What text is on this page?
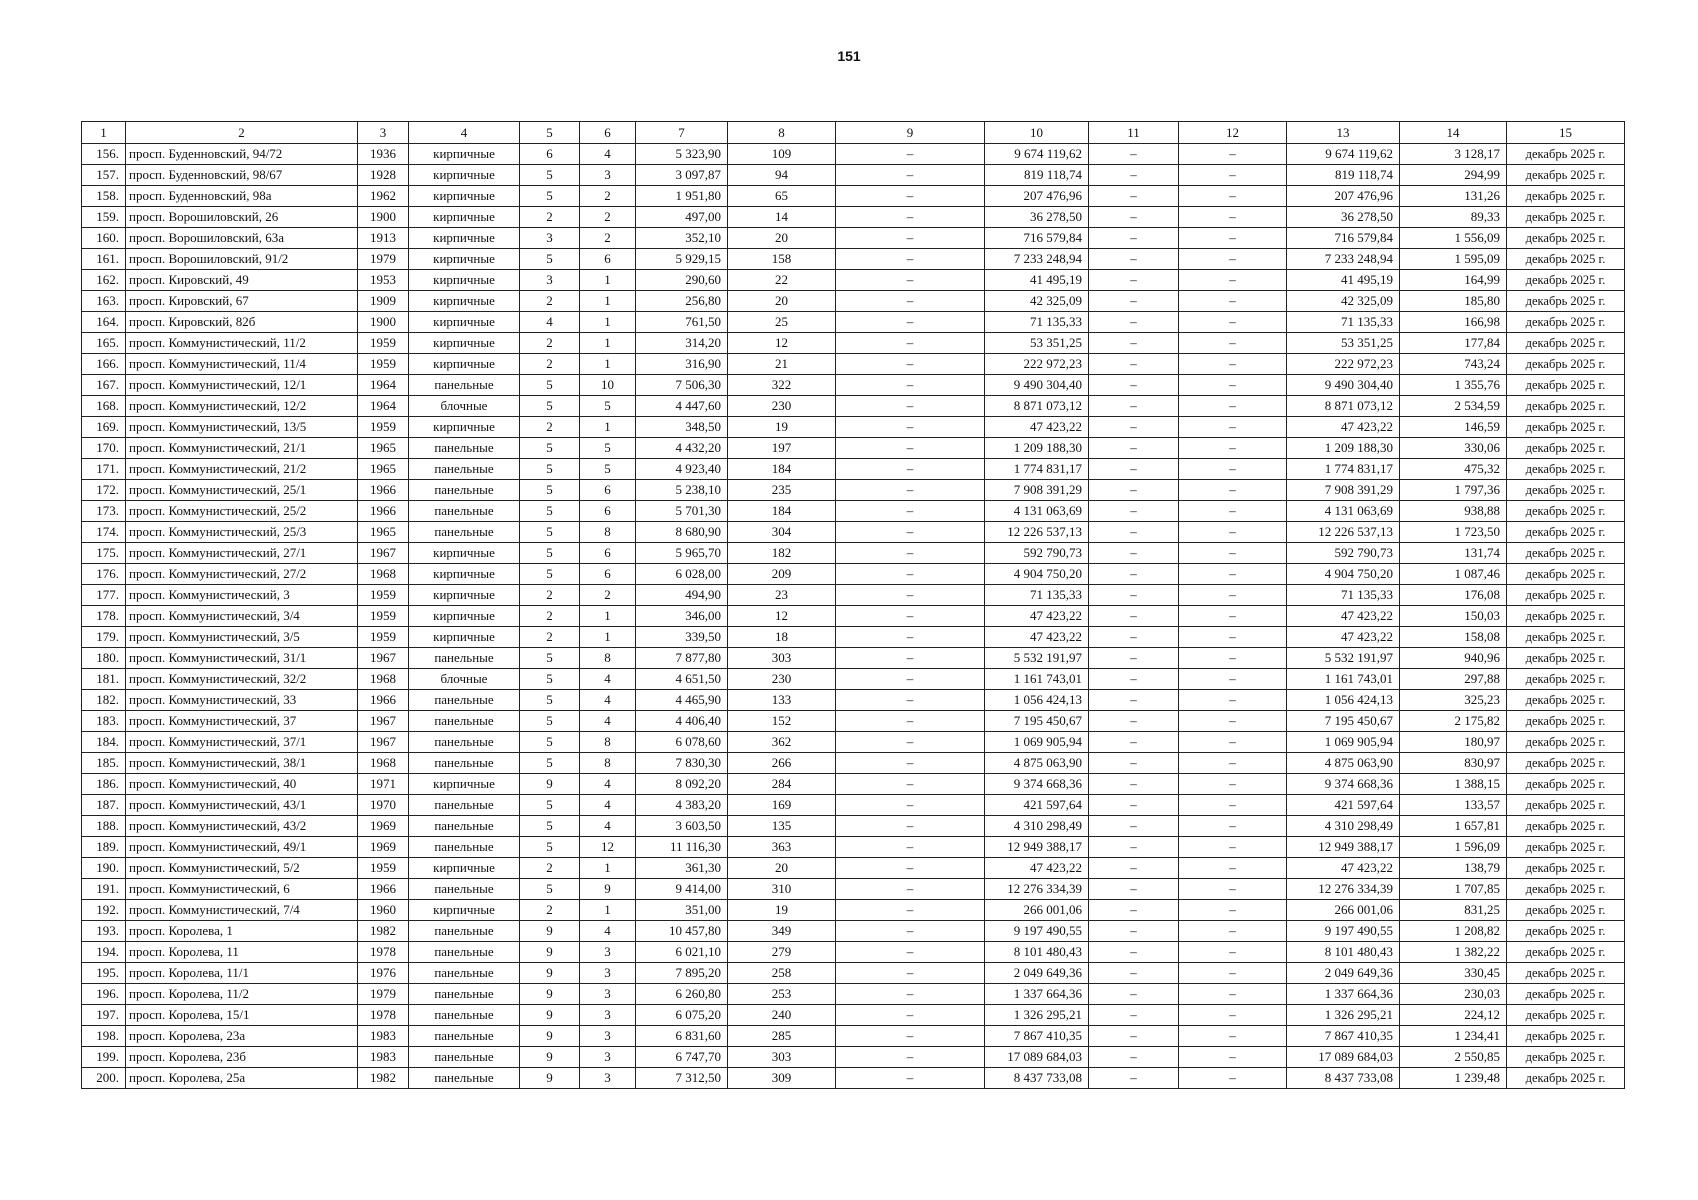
151
1	2	3	4	5	6	7	8	9	10	11	12	13	14	15
156.	просп. Буденновский, 94/72	1936	кирпичные	6	4	5 323,90	109	–	9 674 119,62	–	–	9 674 119,62	3 128,17	декабрь 2025 г.
157.	просп. Буденновский, 98/67	1928	кирпичные	5	3	3 097,87	94	–	819 118,74	–	–	819 118,74	294,99	декабрь 2025 г.
158.	просп. Буденновский, 98а	1962	кирпичные	5	2	1 951,80	65	–	207 476,96	–	–	207 476,96	131,26	декабрь 2025 г.
159.	просп. Ворошиловский, 26	1900	кирпичные	2	2	497,00	14	–	36 278,50	–	–	36 278,50	89,33	декабрь 2025 г.
160.	просп. Ворошиловский, 63а	1913	кирпичные	3	2	352,10	20	–	716 579,84	–	–	716 579,84	1 556,09	декабрь 2025 г.
161.	просп. Ворошиловский, 91/2	1979	кирпичные	5	6	5 929,15	158	–	7 233 248,94	–	–	7 233 248,94	1 595,09	декабрь 2025 г.
162.	просп. Кировский, 49	1953	кирпичные	3	1	290,60	22	–	41 495,19	–	–	41 495,19	164,99	декабрь 2025 г.
163.	просп. Кировский, 67	1909	кирпичные	2	1	256,80	20	–	42 325,09	–	–	42 325,09	185,80	декабрь 2025 г.
164.	просп. Кировский, 82б	1900	кирпичные	4	1	761,50	25	–	71 135,33	–	–	71 135,33	166,98	декабрь 2025 г.
165.	просп. Коммунистический, 11/2	1959	кирпичные	2	1	314,20	12	–	53 351,25	–	–	53 351,25	177,84	декабрь 2025 г.
166.	просп. Коммунистический, 11/4	1959	кирпичные	2	1	316,90	21	–	222 972,23	–	–	222 972,23	743,24	декабрь 2025 г.
167.	просп. Коммунистический, 12/1	1964	панельные	5	10	7 506,30	322	–	9 490 304,40	–	–	9 490 304,40	1 355,76	декабрь 2025 г.
168.	просп. Коммунистический, 12/2	1964	блочные	5	5	4 447,60	230	–	8 871 073,12	–	–	8 871 073,12	2 534,59	декабрь 2025 г.
169.	просп. Коммунистический, 13/5	1959	кирпичные	2	1	348,50	19	–	47 423,22	–	–	47 423,22	146,59	декабрь 2025 г.
170.	просп. Коммунистический, 21/1	1965	панельные	5	5	4 432,20	197	–	1 209 188,30	–	–	1 209 188,30	330,06	декабрь 2025 г.
171.	просп. Коммунистический, 21/2	1965	панельные	5	5	4 923,40	184	–	1 774 831,17	–	–	1 774 831,17	475,32	декабрь 2025 г.
172.	просп. Коммунистический, 25/1	1966	панельные	5	6	5 238,10	235	–	7 908 391,29	–	–	7 908 391,29	1 797,36	декабрь 2025 г.
173.	просп. Коммунистический, 25/2	1966	панельные	5	6	5 701,30	184	–	4 131 063,69	–	–	4 131 063,69	938,88	декабрь 2025 г.
174.	просп. Коммунистический, 25/3	1965	панельные	5	8	8 680,90	304	–	12 226 537,13	–	–	12 226 537,13	1 723,50	декабрь 2025 г.
175.	просп. Коммунистический, 27/1	1967	кирпичные	5	6	5 965,70	182	–	592 790,73	–	–	592 790,73	131,74	декабрь 2025 г.
176.	просп. Коммунистический, 27/2	1968	кирпичные	5	6	6 028,00	209	–	4 904 750,20	–	–	4 904 750,20	1 087,46	декабрь 2025 г.
177.	просп. Коммунистический, 3	1959	кирпичные	2	2	494,90	23	–	71 135,33	–	–	71 135,33	176,08	декабрь 2025 г.
178.	просп. Коммунистический, 3/4	1959	кирпичные	2	1	346,00	12	–	47 423,22	–	–	47 423,22	150,03	декабрь 2025 г.
179.	просп. Коммунистический, 3/5	1959	кирпичные	2	1	339,50	18	–	47 423,22	–	–	47 423,22	158,08	декабрь 2025 г.
180.	просп. Коммунистический, 31/1	1967	панельные	5	8	7 877,80	303	–	5 532 191,97	–	–	5 532 191,97	940,96	декабрь 2025 г.
181.	просп. Коммунистический, 32/2	1968	блочные	5	4	4 651,50	230	–	1 161 743,01	–	–	1 161 743,01	297,88	декабрь 2025 г.
182.	просп. Коммунистический, 33	1966	панельные	5	4	4 465,90	133	–	1 056 424,13	–	–	1 056 424,13	325,23	декабрь 2025 г.
183.	просп. Коммунистический, 37	1967	панельные	5	4	4 406,40	152	–	7 195 450,67	–	–	7 195 450,67	2 175,82	декабрь 2025 г.
184.	просп. Коммунистический, 37/1	1967	панельные	5	8	6 078,60	362	–	1 069 905,94	–	–	1 069 905,94	180,97	декабрь 2025 г.
185.	просп. Коммунистический, 38/1	1968	панельные	5	8	7 830,30	266	–	4 875 063,90	–	–	4 875 063,90	830,97	декабрь 2025 г.
186.	просп. Коммунистический, 40	1971	кирпичные	9	4	8 092,20	284	–	9 374 668,36	–	–	9 374 668,36	1 388,15	декабрь 2025 г.
187.	просп. Коммунистический, 43/1	1970	панельные	5	4	4 383,20	169	–	421 597,64	–	–	421 597,64	133,57	декабрь 2025 г.
188.	просп. Коммунистический, 43/2	1969	панельные	5	4	3 603,50	135	–	4 310 298,49	–	–	4 310 298,49	1 657,81	декабрь 2025 г.
189.	просп. Коммунистический, 49/1	1969	панельные	5	12	11 116,30	363	–	12 949 388,17	–	–	12 949 388,17	1 596,09	декабрь 2025 г.
190.	просп. Коммунистический, 5/2	1959	кирпичные	2	1	361,30	20	–	47 423,22	–	–	47 423,22	138,79	декабрь 2025 г.
191.	просп. Коммунистический, 6	1966	панельные	5	9	9 414,00	310	–	12 276 334,39	–	–	12 276 334,39	1 707,85	декабрь 2025 г.
192.	просп. Коммунистический, 7/4	1960	кирпичные	2	1	351,00	19	–	266 001,06	–	–	266 001,06	831,25	декабрь 2025 г.
193.	просп. Королева, 1	1982	панельные	9	4	10 457,80	349	–	9 197 490,55	–	–	9 197 490,55	1 208,82	декабрь 2025 г.
194.	просп. Королева, 11	1978	панельные	9	3	6 021,10	279	–	8 101 480,43	–	–	8 101 480,43	1 382,22	декабрь 2025 г.
195.	просп. Королева, 11/1	1976	панельные	9	3	7 895,20	258	–	2 049 649,36	–	–	2 049 649,36	330,45	декабрь 2025 г.
196.	просп. Королева, 11/2	1979	панельные	9	3	6 260,80	253	–	1 337 664,36	–	–	1 337 664,36	230,03	декабрь 2025 г.
197.	просп. Королева, 15/1	1978	панельные	9	3	6 075,20	240	–	1 326 295,21	–	–	1 326 295,21	224,12	декабрь 2025 г.
198.	просп. Королева, 23а	1983	панельные	9	3	6 831,60	285	–	7 867 410,35	–	–	7 867 410,35	1 234,41	декабрь 2025 г.
199.	просп. Королева, 23б	1983	панельные	9	3	6 747,70	303	–	17 089 684,03	–	–	17 089 684,03	2 550,85	декабрь 2025 г.
200.	просп. Королева, 25а	1982	панельные	9	3	7 312,50	309	–	8 437 733,08	–	–	8 437 733,08	1 239,48	декабрь 2025 г.
